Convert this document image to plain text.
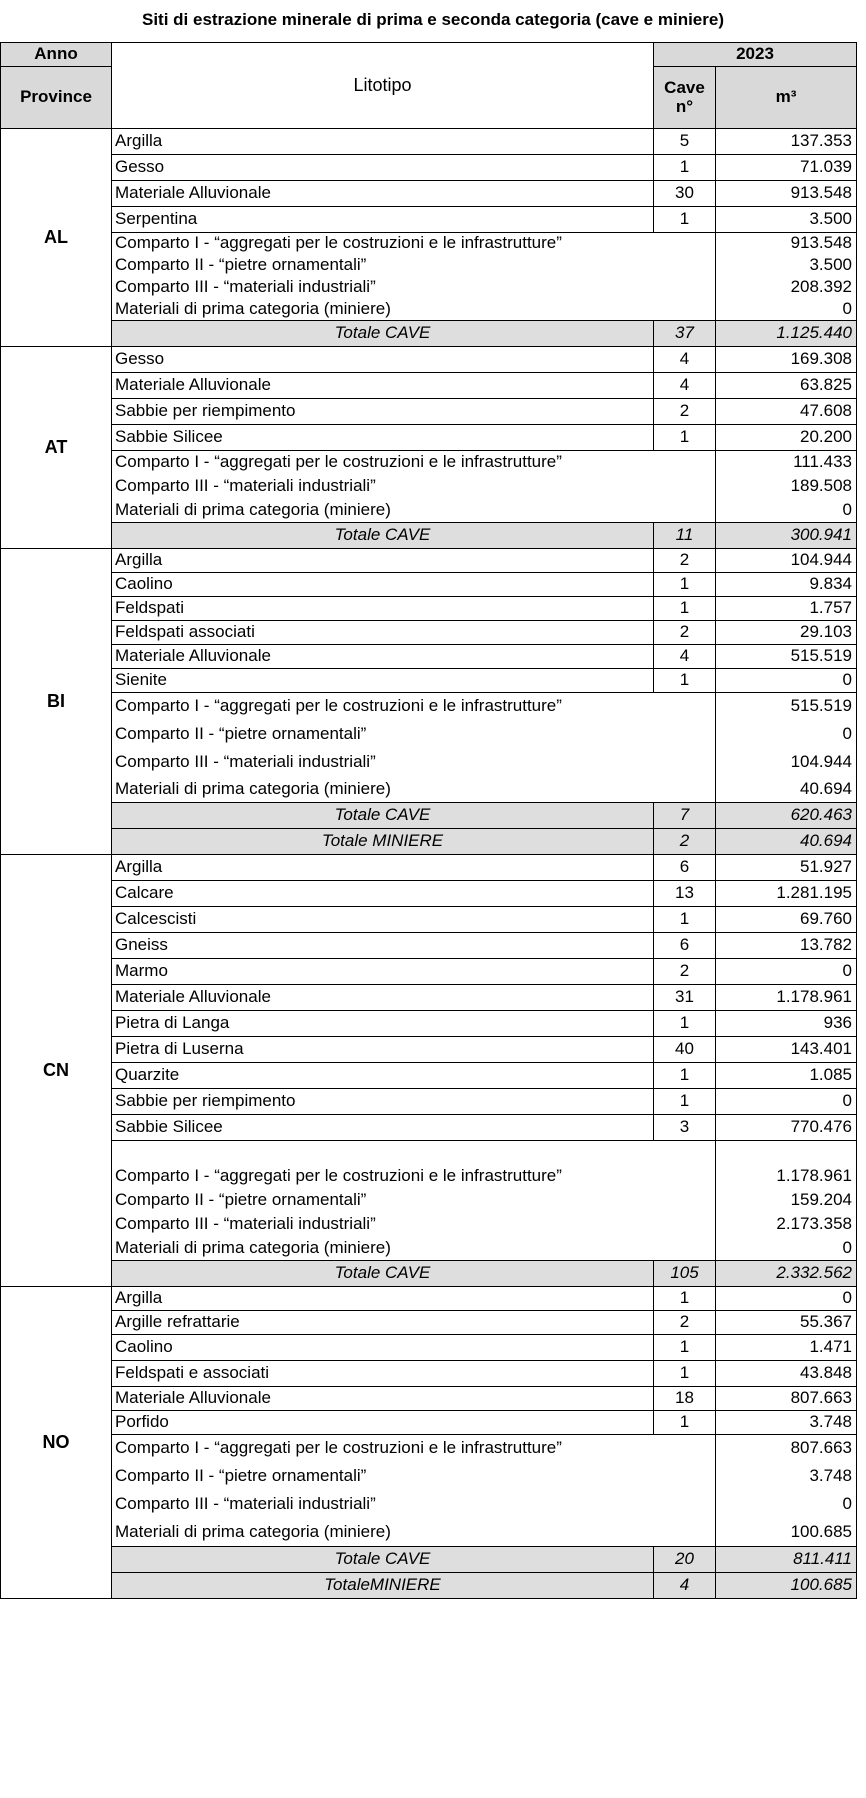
Siti di estrazione minerale di prima e seconda categoria (cave e miniere)
Anno	Litotipo	2023	
Province		Cave
n°	m³
AL	Argilla	5	137.353
	Gesso	1	71.039
	Materiale Alluvionale	30	913.548
	Serpentina	1	3.500
	Comparto I - “aggregati per le costruzioni e le infrastrutture”		913.548
	Comparto II - “pietre ornamentali”		3.500
	Comparto III - “materiali industriali”		208.392
	Materiali di prima categoria (miniere)		0
	Totale CAVE	37	1.125.440
AT	Gesso	4	169.308
	Materiale Alluvionale	4	63.825
	Sabbie per riempimento	2	47.608
	Sabbie Silicee	1	20.200
	Comparto I - “aggregati per le costruzioni e le infrastrutture”		111.433
	Comparto III - “materiali industriali”		189.508
	Materiali di prima categoria (miniere)		0
	Totale CAVE	11	300.941
BI	Argilla	2	104.944
	Caolino	1	9.834
	Feldspati	1	1.757
	Feldspati associati	2	29.103
	Materiale Alluvionale	4	515.519
	Sienite	1	0
	Comparto I - “aggregati per le costruzioni e le infrastrutture”		515.519
	Comparto II - “pietre ornamentali”		0
	Comparto III - “materiali industriali”		104.944
	Materiali di prima categoria (miniere)		40.694
	Totale CAVE	7	620.463
	Totale MINIERE	2	40.694
CN	Argilla	6	51.927
	Calcare	13	1.281.195
	Calcescisti	1	69.760
	Gneiss	6	13.782
	Marmo	2	0
	Materiale Alluvionale	31	1.178.961
	Pietra di Langa	1	936
	Pietra di Luserna	40	143.401
	Quarzite	1	1.085
	Sabbie per riempimento	1	0
	Sabbie Silicee	3	770.476

	Comparto I - “aggregati per le costruzioni e le infrastrutture”		1.178.961
	Comparto II - “pietre ornamentali”		159.204
	Comparto III - “materiali industriali”		2.173.358
	Materiali di prima categoria (miniere)		0
	Totale CAVE	105	2.332.562
NO	Argilla	1	0
	Argille refrattarie	2	55.367
	Caolino	1	1.471
	Feldspati e associati	1	43.848
	Materiale Alluvionale	18	807.663
	Porfido	1	3.748
	Comparto I - “aggregati per le costruzioni e le infrastrutture”		807.663
	Comparto II - “pietre ornamentali”		3.748
	Comparto III - “materiali industriali”		0
	Materiali di prima categoria (miniere)		100.685
	Totale CAVE	20	811.411
	TotaleMINIERE	4	100.685
